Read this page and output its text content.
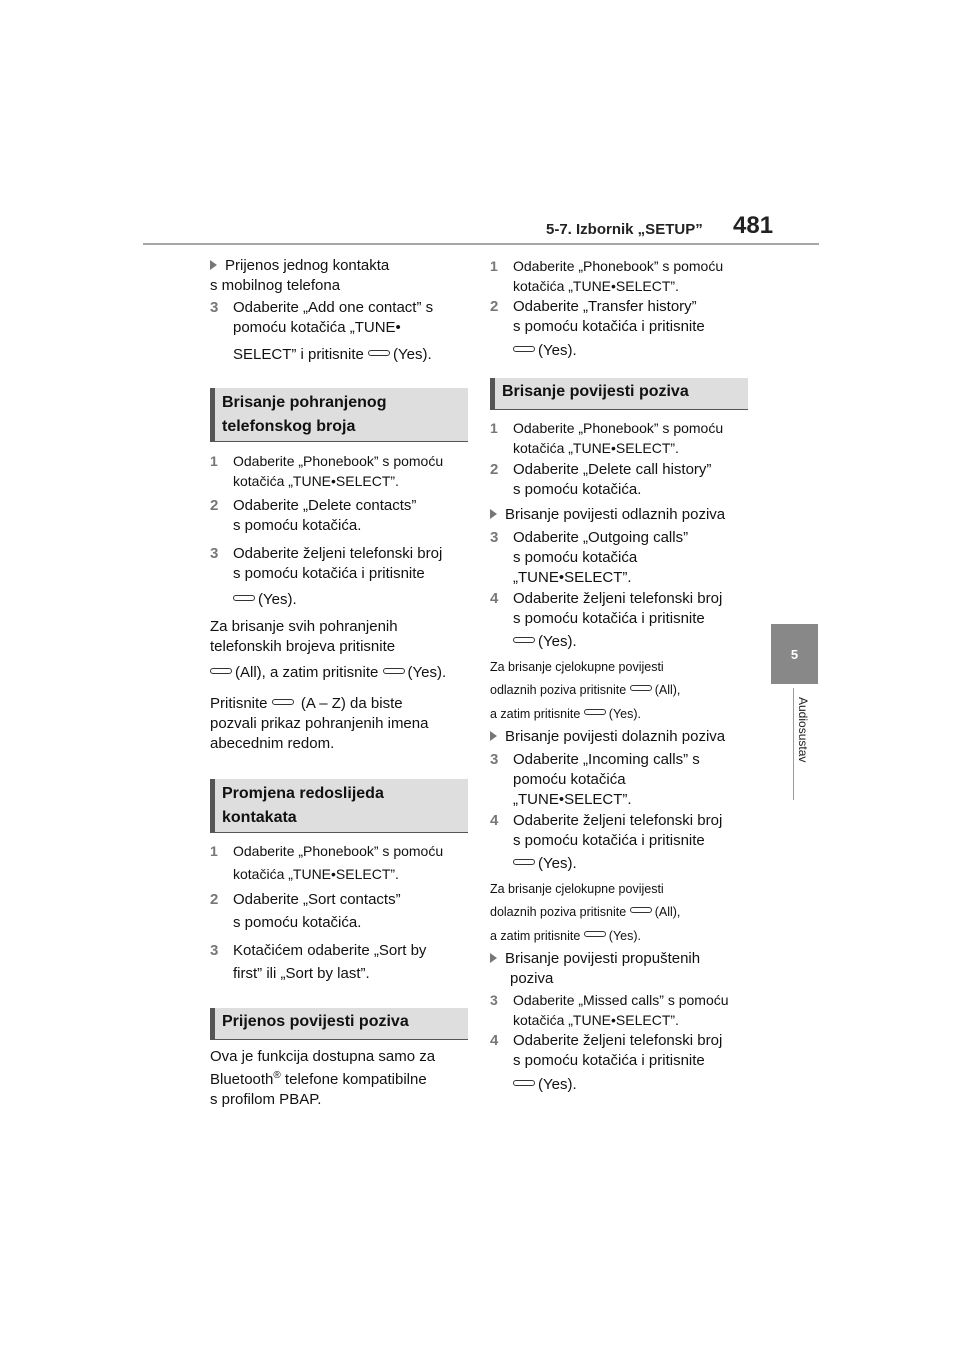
5-7. Izbornik „SETUP” 481
5
Audiosustav
Prijenos jednog kontakta
s mobilnog telefona
3 Odaberite „Add one contact” s
pomoću kotačića „TUNE•
SELECT” i pritisnite (Yes).
Brisanje pohranjenog
telefonskog broja
1 Odaberite „Phonebook” s pomoću
kotačića „TUNE•SELECT”.
2 Odaberite „Delete contacts”
s pomoću kotačića.
3 Odaberite željeni telefonski broj
s pomoću kotačića i pritisnite
(Yes).
Za brisanje svih pohranjenih
telefonskih brojeva pritisnite
(All), a zatim pritisnite (Yes).
Pritisnite (A – Z) da biste
pozvali prikaz pohranjenih imena
abecednim redom.
Promjena redoslijeda
kontakata
1 Odaberite „Phonebook” s pomoću
kotačića „TUNE•SELECT”.
2 Odaberite „Sort contacts”
s pomoću kotačića.
3 Kotačićem odaberite „Sort by
first” ili „Sort by last”.
Prijenos povijesti poziva
Ova je funkcija dostupna samo za
Bluetooth® telefone kompatibilne
s profilom PBAP.
1 Odaberite „Phonebook” s pomoću
kotačića „TUNE•SELECT”.
2 Odaberite „Transfer history”
s pomoću kotačića i pritisnite
(Yes).
Brisanje povijesti poziva
1 Odaberite „Phonebook” s pomoću
kotačića „TUNE•SELECT”.
2 Odaberite „Delete call history”
s pomoću kotačića.
Brisanje povijesti odlaznih poziva
3 Odaberite „Outgoing calls”
s pomoću kotačića
„TUNE•SELECT”.
4 Odaberite željeni telefonski broj
s pomoću kotačića i pritisnite
(Yes).
Za brisanje cjelokupne povijesti
odlaznih poziva pritisnite (All),
a zatim pritisnite (Yes).
Brisanje povijesti dolaznih poziva
3 Odaberite „Incoming calls” s
pomoću kotačića
„TUNE•SELECT”.
4 Odaberite željeni telefonski broj
s pomoću kotačića i pritisnite
(Yes).
Za brisanje cjelokupne povijesti
dolaznih poziva pritisnite (All),
a zatim pritisnite (Yes).
Brisanje povijesti propuštenih
poziva
3 Odaberite „Missed calls” s pomoću
kotačića „TUNE•SELECT”.
4 Odaberite željeni telefonski broj
s pomoću kotačića i pritisnite
(Yes).
